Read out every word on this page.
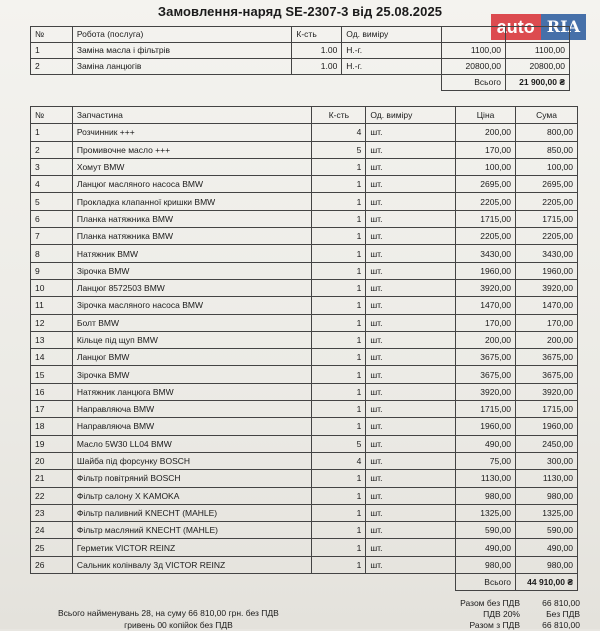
Замовлення-наряд SE-2307-3 від 25.08.2025
auto RIA
№	Робота (послуга)	К-сть	Од. виміру		
1	Заміна масла і фільтрів	1.00	Н.-г.	1100,00	1100,00
2	Заміна ланцюгів	1.00	Н.-г.	20800,00	20800,00
				Всього	21 900,00 ₴
№	Запчастина	К-сть	Од. виміру	Ціна	Сума
1	Розчинник +++	4	шт.	200,00	800,00
2	Промивочне масло +++	5	шт.	170,00	850,00
3	Хомут BMW	1	шт.	100,00	100,00
4	Ланцюг масляного насоса BMW	1	шт.	2695,00	2695,00
5	Прокладка клапанної кришки BMW	1	шт.	2205,00	2205,00
6	Планка натяжника BMW	1	шт.	1715,00	1715,00
7	Планка натяжника BMW	1	шт.	2205,00	2205,00
8	Натяжник BMW	1	шт.	3430,00	3430,00
9	Зірочка BMW	1	шт.	1960,00	1960,00
10	Ланцюг 8572503 BMW	1	шт.	3920,00	3920,00
11	Зірочка масляного насоса BMW	1	шт.	1470,00	1470,00
12	Болт BMW	1	шт.	170,00	170,00
13	Кільце під щуп BMW	1	шт.	200,00	200,00
14	Ланцюг BMW	1	шт.	3675,00	3675,00
15	Зірочка BMW	1	шт.	3675,00	3675,00
16	Натяжник ланцюга BMW	1	шт.	3920,00	3920,00
17	Направляюча BMW	1	шт.	1715,00	1715,00
18	Направляюча BMW	1	шт.	1960,00	1960,00
19	Масло 5W30 LL04 BMW	5	шт.	490,00	2450,00
20	Шайба під форсунку BOSCH	4	шт.	75,00	300,00
21	Фільтр повітряний BOSCH	1	шт.	1130,00	1130,00
22	Фільтр салону X KAMOKA	1	шт.	980,00	980,00
23	Фільтр паливний KNECHT (MAHLE)	1	шт.	1325,00	1325,00
24	Фільтр масляний KNECHT (MAHLE)	1	шт.	590,00	590,00
25	Герметик VICTOR REINZ	1	шт.	490,00	490,00
26	Сальник колінвалу 3д VICTOR REINZ	1	шт.	980,00	980,00
				Всього	44 910,00 ₴
Всього найменувань 28, на суму 66 810,00 грн. без ПДВ
гривень 00 копійок без ПДВ
Разом без ПДВ	66 810,00
ПДВ 20%	Без ПДВ
Разом з ПДВ	66 810,00
